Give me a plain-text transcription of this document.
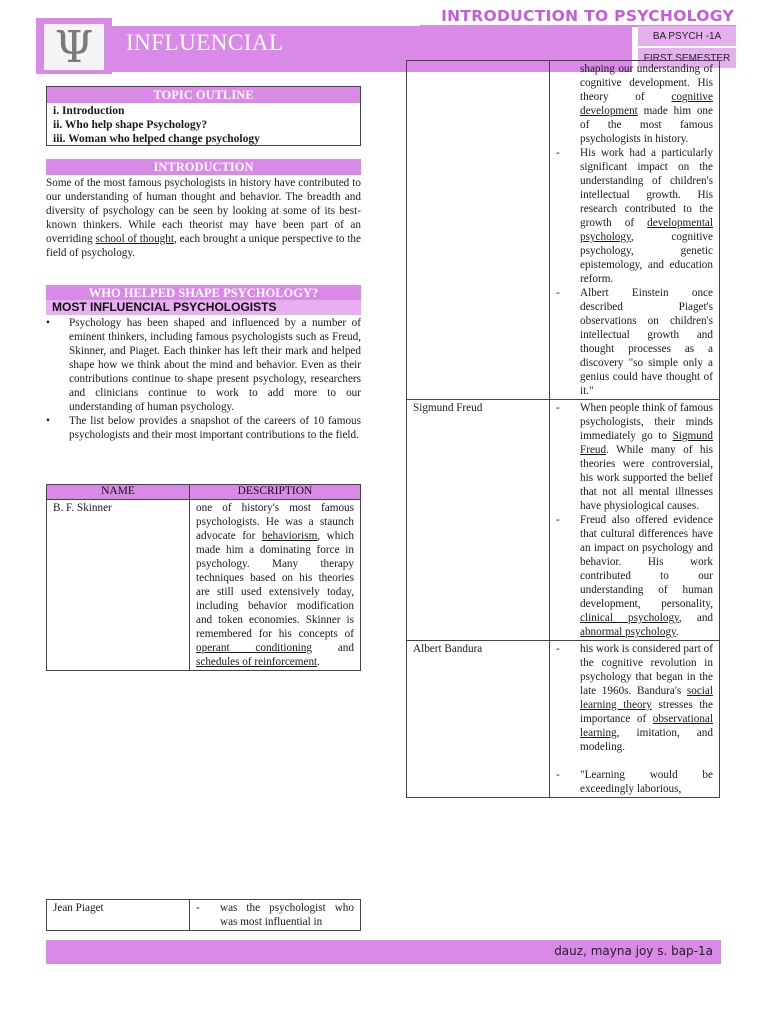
Ψ	INFLUENCIAL
INTRODUCTION TO PSYCHOLOGY
BA PSYCH -1A
FIRST SEMESTER
TOPIC OUTLINE
i. Introduction
ii. Who help shape Psychology?
iii. Woman who helped change psychology
INTRODUCTION
Some of the most famous psychologists in history have contributed to our understanding of human thought and behavior. The breadth and diversity of psychology can be seen by looking at some of its best-known thinkers. While each theorist may have been part of an overriding school of thought, each brought a unique perspective to the field of psychology.
WHO HELPED SHAPE PSYCHOLOGY?
MOST INFLUENCIAL PSYCHOLOGISTS
• Psychology has been shaped and influenced by a number of eminent thinkers, including famous psychologists such as Freud, Skinner, and Piaget. Each thinker has left their mark and helped shape how we think about the mind and behavior. Even as their contributions continue to shape present psychology, researchers and clinicians continue to work to add more to our understanding of human psychology.
• The list below provides a snapshot of the careers of 10 famous psychologists and their most important contributions to the field.
NAME	DESCRIPTION
B. F. Skinner	one of history's most famous psychologists. He was a staunch advocate for behaviorism, which made him a dominating force in psychology. Many therapy techniques based on his theories are still used extensively today, including behavior modification and token economies. Skinner is remembered for his concepts of operant conditioning and schedules of reinforcement.
Jean Piaget	- was the psychologist who was most influential in

	shaping our understanding of cognitive development. His theory of cognitive development made him one of the most famous psychologists in history.
- His work had a particularly significant impact on the understanding of children's intellectual growth. His research contributed to the growth of developmental psychology, cognitive psychology, genetic epistemology, and education reform.
- Albert Einstein once described Piaget's observations on children's intellectual growth and thought processes as a discovery "so simple only a genius could have thought of it."

Sigmund Freud	- When people think of famous psychologists, their minds immediately go to Sigmund Freud. While many of his theories were controversial, his work supported the belief that not all mental illnesses have physiological causes.
- Freud also offered evidence that cultural differences have an impact on psychology and behavior. His work contributed to our understanding of human development, personality, clinical psychology, and abnormal psychology.

Albert Bandura	- his work is considered part of the cognitive revolution in psychology that began in the late 1960s. Bandura's social learning theory stresses the importance of observational learning, imitation, and modeling.
- "Learning would be exceedingly laborious,
dauz, mayna joy s. bap-1a
